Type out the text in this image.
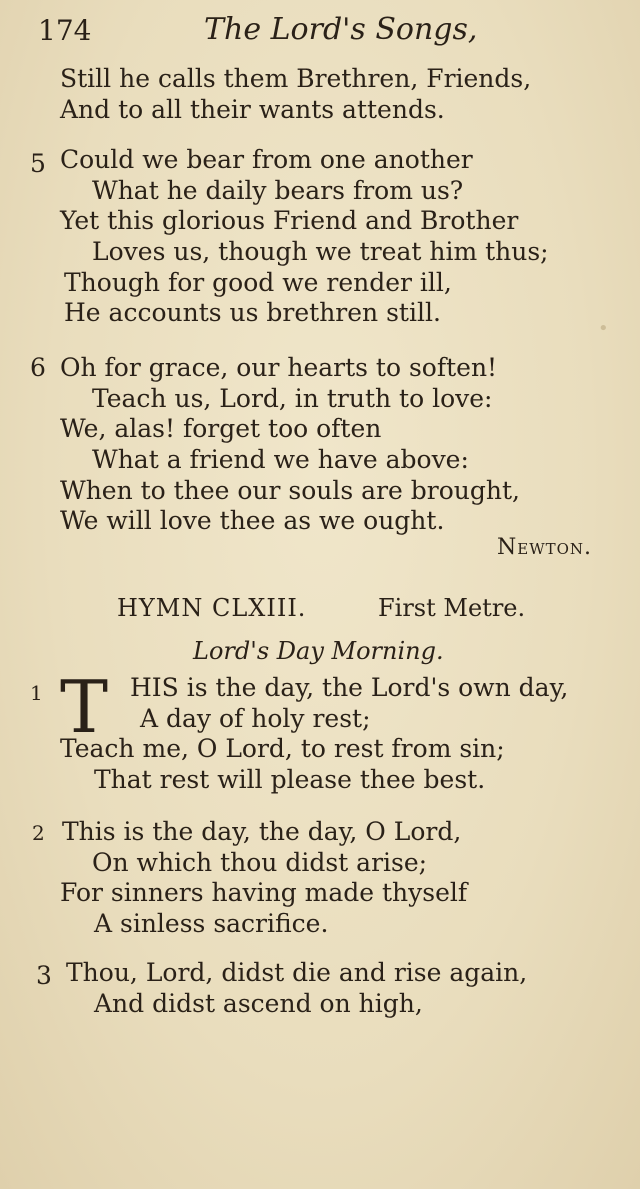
174	The Lord's Songs,
Still he calls them Brethren, Friends,
And to all their wants attends.
5 Could we bear from one another
What he daily bears from us?
Yet this glorious Friend and Brother
Loves us, though we treat him thus;
Though for good we render ill,
He accounts us brethren still.
•
6 Oh for grace, our hearts to soften!
Teach us, Lord, in truth to love:
We, alas! forget too often
What a friend we have above:
When to thee our souls are brought,
We will love thee as we ought.
Newton.
HYMN CLXIII.	First Metre.
Lord's Day Morning.
1 T HIS is the day, the Lord's own day,
A day of holy rest;
Teach me, O Lord, to rest from sin;
That rest will please thee best.
2 This is the day, the day, O Lord,
On which thou didst arise;
For sinners having made thyself
A sinless sacrifice.
3 Thou, Lord, didst die and rise again,
And didst ascend on high,
